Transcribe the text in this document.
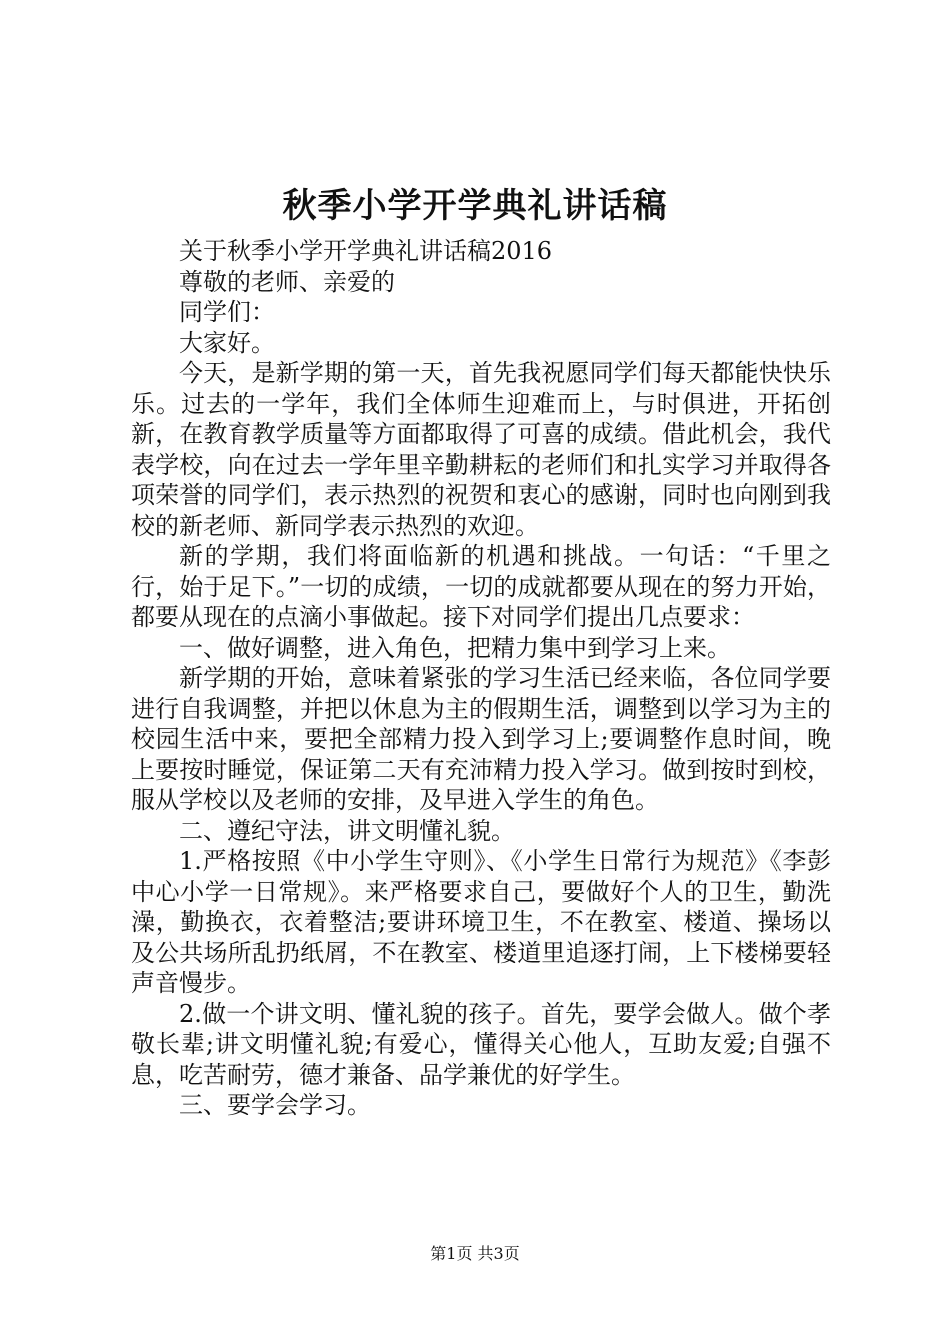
秋季小学开学典礼讲话稿

关于秋季小学开学典礼讲话稿2016

尊敬的老师、亲爱的

同学们：

大家好。

今天，是新学期的第一天，首先我祝愿同学们每天都能快快乐乐。过去的一学年，我们全体师生迎难而上，与时俱进，开拓创新，在教育教学质量等方面都取得了可喜的成绩。借此机会，我代表学校，向在过去一学年里辛勤耕耘的老师们和扎实学习并取得各项荣誉的同学们，表示热烈的祝贺和衷心的感谢，同时也向刚到我校的新老师、新同学表示热烈的欢迎。

新的学期，我们将面临新的机遇和挑战。一句话：“千里之行，始于足下。”一切的成绩，一切的成就都要从现在的努力开始，都要从现在的点滴小事做起。接下对同学们提出几点要求：

一、做好调整，进入角色，把精力集中到学习上来。

新学期的开始，意味着紧张的学习生活已经来临，各位同学要进行自我调整，并把以休息为主的假期生活，调整到以学习为主的校园生活中来，要把全部精力投入到学习上;要调整作息时间，晚上要按时睡觉，保证第二天有充沛精力投入学习。做到按时到校，服从学校以及老师的安排，及早进入学生的角色。

二、遵纪守法，讲文明懂礼貌。

1.严格按照《中小学生守则》、《小学生日常行为规范》《李彭中心小学一日常规》。来严格要求自己，要做好个人的卫生，勤洗澡，勤换衣，衣着整洁;要讲环境卫生，不在教室、楼道、操场以及公共场所乱扔纸屑，不在教室、楼道里追逐打闹，上下楼梯要轻声音慢步。

2.做一个讲文明、懂礼貌的孩子。首先，要学会做人。做个孝敬长辈;讲文明懂礼貌;有爱心，懂得关心他人，互助友爱;自强不息，吃苦耐劳，德才兼备、品学兼优的好学生。

三、要学会学习。

第1页 共3页
